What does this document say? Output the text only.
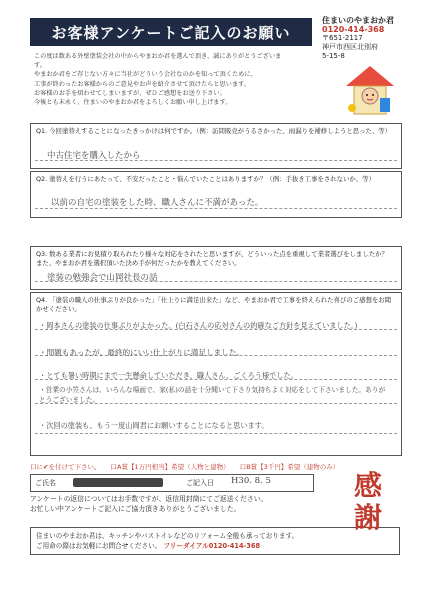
お客様アンケートご記入のお願い
住まいのやまおか君
0120-414-368
〒651-2117
神戸市西区北別府
5-15-8
この度は数ある外壁塗装会社の中からやまおか君を選んで頂き、誠にありがとうございます。
やまおか君をご存じない方々に当社がどういう会社なのかを知って頂くために、
工事が終わったお客様からのご意見やお声を紹介させて頂けたらと思います。
お客様のお手を煩わせてしまいますが、ぜひご感想をお送り下さい。
今後とも末永く、住まいのやまおか君をよろしくお願い申し上げます。
Q1. 今回塗替えすることになったきっかけは何ですか。（例：訪問販売がうるさかった、雨漏りを補修しようと思った、等）
中古住宅を購入したから
Q2. 塗替えを行うにあたって、不安だったこと・悩んでいたことはありますか？（例：手抜き工事をされないか、等）
以前の自宅の塗装をした時、職人さんに不満があった。
Q3. 数ある業者にお見積り取られたり様々な対応をされたと思いますが、どういった点を重視して業者選びをしましたか？ また、やまおか君を選択頂いた決め手が何だったかを教えてください。
塗装の勉強会で山岡社長の話
Q4. 「塗装の職人の仕事ぶりが良かった」「仕上りに満足出来た」など、やまおか君で工事を終えられた喜びのご感想をお聞かせください。
・岡本さんの塗装の仕事ぶりがよかった。(白石さんの応対さんの的確なご方針を見えていました。)
・問題もあったが、最終的にいい仕上がりに満足しました。
・とても暑い時期にまで一生懸命していただき、職人さん、ごくろう様でした。
・営業の小笠さんは、いろんな場面で、家(私)の話を十分聞いて下さり気持ちよく対応をして下さいました。ありがとうございました。
・次回の塗装も、もう一度山岡君にお願いすることになると思います。
口に✔を付けて下さい。 口A賞【1万円相当】希望（人物と建物） 口B賞【3千円】希望（建物のみ）
ご氏名	ご記入日 H30. 8. 5
アンケートの返信についてはお手数ですが、返信用封筒にてご返送ください。
お忙しい中アンケートご記入にご協力頂きありがとうございました。
住まいのやまおか君は、キッチンやバストイレなどのリフォーム全般も承っております。
ご用命の際はお気軽にお問合せください。 フリーダイアル0120-414-368
感謝
